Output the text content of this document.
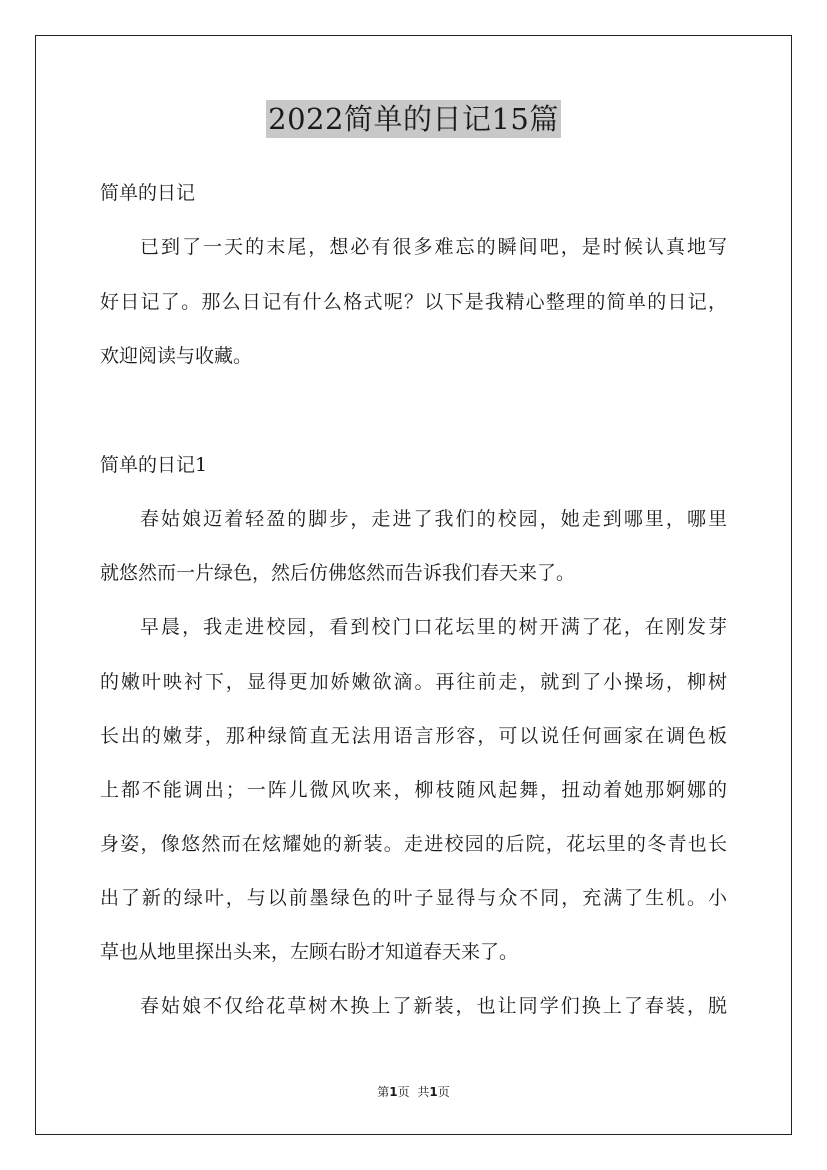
2022简单的日记15篇

简单的日记

已到了一天的末尾，想必有很多难忘的瞬间吧，是时候认真地写

好日记了。那么日记有什么格式呢？以下是我精心整理的简单的日记，

欢迎阅读与收藏。

简单的日记1

春姑娘迈着轻盈的脚步，走进了我们的校园，她走到哪里，哪里

就悠然而一片绿色，然后仿佛悠然而告诉我们春天来了。

早晨，我走进校园，看到校门口花坛里的树开满了花，在刚发芽

的嫩叶映衬下，显得更加娇嫩欲滴。再往前走，就到了小操场，柳树

长出的嫩芽，那种绿简直无法用语言形容，可以说任何画家在调色板

上都不能调出；一阵儿微风吹来，柳枝随风起舞，扭动着她那婀娜的

身姿，像悠然而在炫耀她的新装。走进校园的后院，花坛里的冬青也长

出了新的绿叶，与以前墨绿色的叶子显得与众不同，充满了生机。小

草也从地里探出头来，左顾右盼才知道春天来了。

春姑娘不仅给花草树木换上了新装，也让同学们换上了春装，脱

第1页 共1页
